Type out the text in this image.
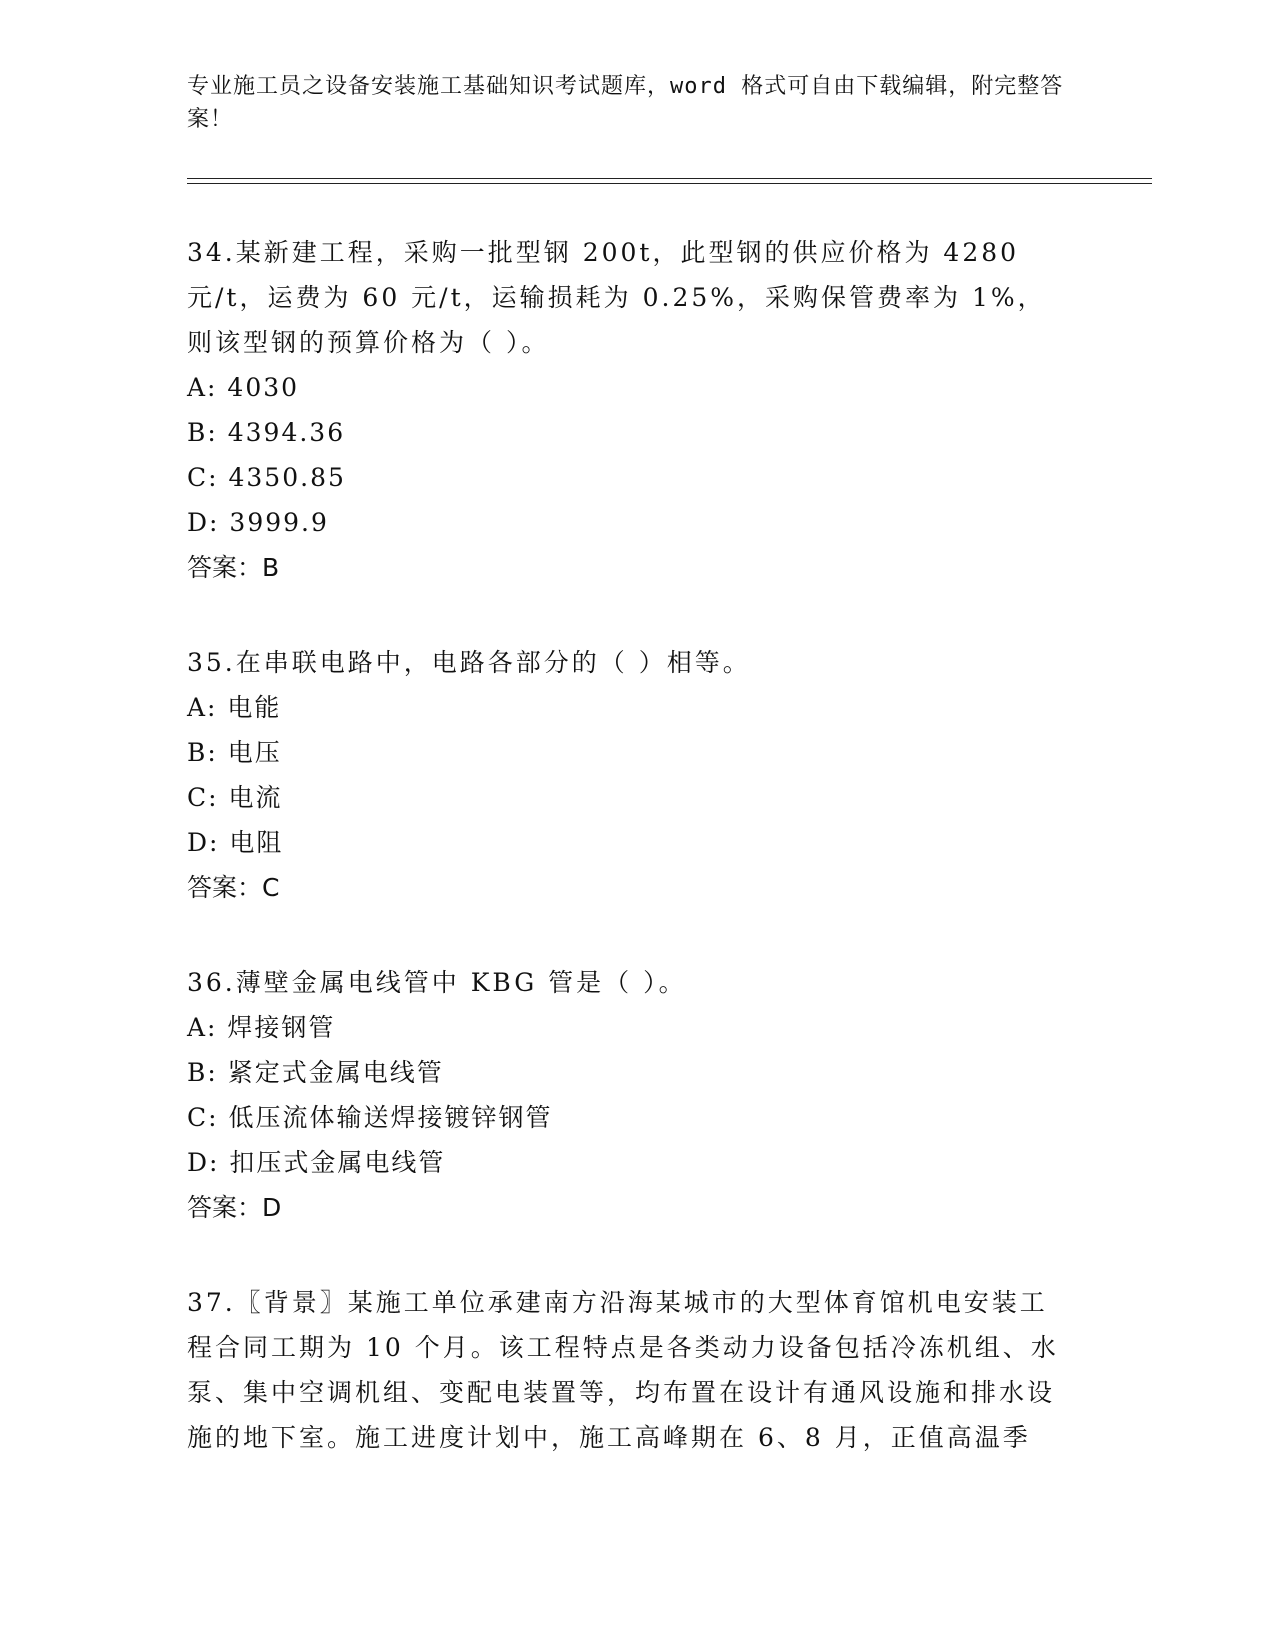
专业施工员之设备安装施工基础知识考试题库，word 格式可自由下载编辑，附完整答案！

34.某新建工程，采购一批型钢 200t，此型钢的供应价格为 4280 元/t，运费为 60 元/t，运输损耗为 0.25%，采购保管费率为 1%，则该型钢的预算价格为（ ）。

A: 4030

B: 4394.36

C: 4350.85

D: 3999.9

答案：B

35.在串联电路中，电路各部分的（ ）相等。

A: 电能

B: 电压

C: 电流

D: 电阻

答案：C

36.薄壁金属电线管中 KBG 管是（ ）。

A: 焊接钢管

B: 紧定式金属电线管

C: 低压流体输送焊接镀锌钢管

D: 扣压式金属电线管

答案：D

37.〖背景〗某施工单位承建南方沿海某城市的大型体育馆机电安装工程合同工期为 10 个月。该工程特点是各类动力设备包括冷冻机组、水泵、集中空调机组、变配电装置等，均布置在设计有通风设施和排水设施的地下室。施工进度计划中，施工高峰期在 6、8 月，正值高温季
